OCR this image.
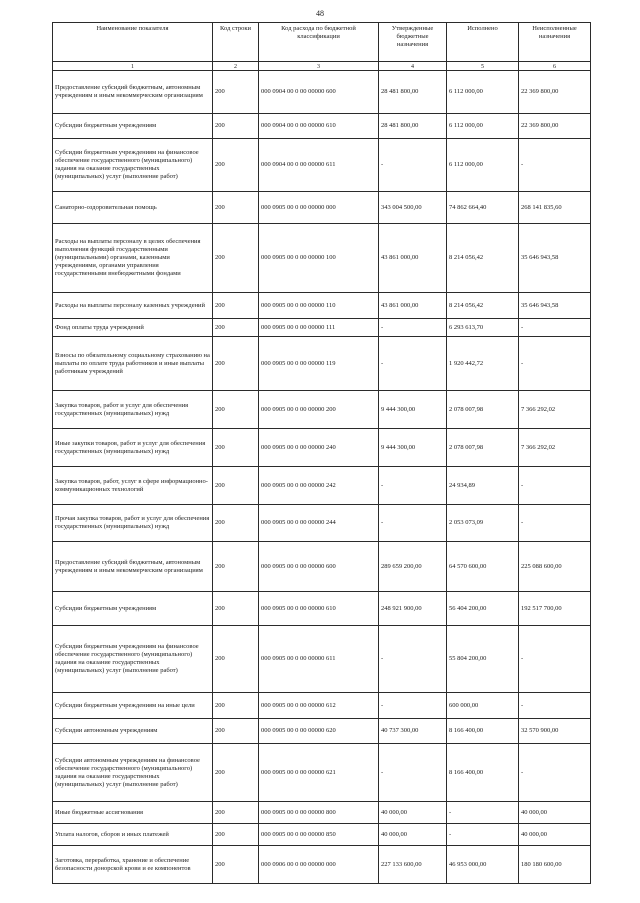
48
Наименование показателя	Код строки	Код расхода по бюджетной классификации	Утвержденные бюджетные назначения	Исполнено	Неисполненные назначения
1	2	3	4	5	6
Предоставление субсидий бюджетным, автономным учреждениям и иным некоммерческим организациям	200	000 0904 00 0 00 00000 600	28 481 800,00	6 112 000,00	22 369 800,00
Субсидии бюджетным учреждениям	200	000 0904 00 0 00 00000 610	28 481 800,00	6 112 000,00	22 369 800,00
Субсидии бюджетным учреждениям на финансовое обеспечение государственного (муниципального) задания на оказание государственных (муниципальных) услуг (выполнение работ)	200	000 0904 00 0 00 00000 611	-	6 112 000,00	-
Санаторно-оздоровительная помощь	200	000 0905 00 0 00 00000 000	343 004 500,00	74 862 664,40	268 141 835,60
Расходы на выплаты персоналу в целях обеспечения выполнения функций государственными (муниципальными) органами, казенными учреждениями, органами управления государственными внебюджетными фондами	200	000 0905 00 0 00 00000 100	43 861 000,00	8 214 056,42	35 646 943,58
Расходы на выплаты персоналу казенных учреждений	200	000 0905 00 0 00 00000 110	43 861 000,00	8 214 056,42	35 646 943,58
Фонд оплаты труда учреждений	200	000 0905 00 0 00 00000 111	-	6 293 613,70	-
Взносы по обязательному социальному страхованию на выплаты по оплате труда работников и иные выплаты работникам учреждений	200	000 0905 00 0 00 00000 119	-	1 920 442,72	-
Закупка товаров, работ и услуг для обеспечения государственных (муниципальных) нужд	200	000 0905 00 0 00 00000 200	9 444 300,00	2 078 007,98	7 366 292,02
Иные закупки товаров, работ и услуг для обеспечения государственных (муниципальных) нужд	200	000 0905 00 0 00 00000 240	9 444 300,00	2 078 007,98	7 366 292,02
Закупка товаров, работ, услуг в сфере информационно-коммуникационных технологий	200	000 0905 00 0 00 00000 242	-	24 934,89	-
Прочая закупка товаров, работ и услуг для обеспечения государственных (муниципальных) нужд	200	000 0905 00 0 00 00000 244	-	2 053 073,09	-
Предоставление субсидий бюджетным, автономным учреждениям и иным некоммерческим организациям	200	000 0905 00 0 00 00000 600	289 659 200,00	64 570 600,00	225 088 600,00
Субсидии бюджетным учреждениям	200	000 0905 00 0 00 00000 610	248 921 900,00	56 404 200,00	192 517 700,00
Субсидии бюджетным учреждениям на финансовое обеспечение государственного (муниципального) задания на оказание государственных (муниципальных) услуг (выполнение работ)	200	000 0905 00 0 00 00000 611	-	55 804 200,00	-
Субсидии бюджетным учреждениям на иные цели	200	000 0905 00 0 00 00000 612	-	600 000,00	-
Субсидии автономным учреждениям	200	000 0905 00 0 00 00000 620	40 737 300,00	8 166 400,00	32 570 900,00
Субсидии автономным учреждениям на финансовое обеспечение государственного (муниципального) задания на оказание государственных (муниципальных) услуг (выполнение работ)	200	000 0905 00 0 00 00000 621	-	8 166 400,00	-
Иные бюджетные ассигнования	200	000 0905 00 0 00 00000 800	40 000,00	-	40 000,00
Уплата налогов, сборов и иных платежей	200	000 0905 00 0 00 00000 850	40 000,00	-	40 000,00
Заготовка, переработка, хранение и обеспечение безопасности донорской крови и ее компонентов	200	000 0906 00 0 00 00000 000	227 133 600,00	46 953 000,00	180 180 600,00
